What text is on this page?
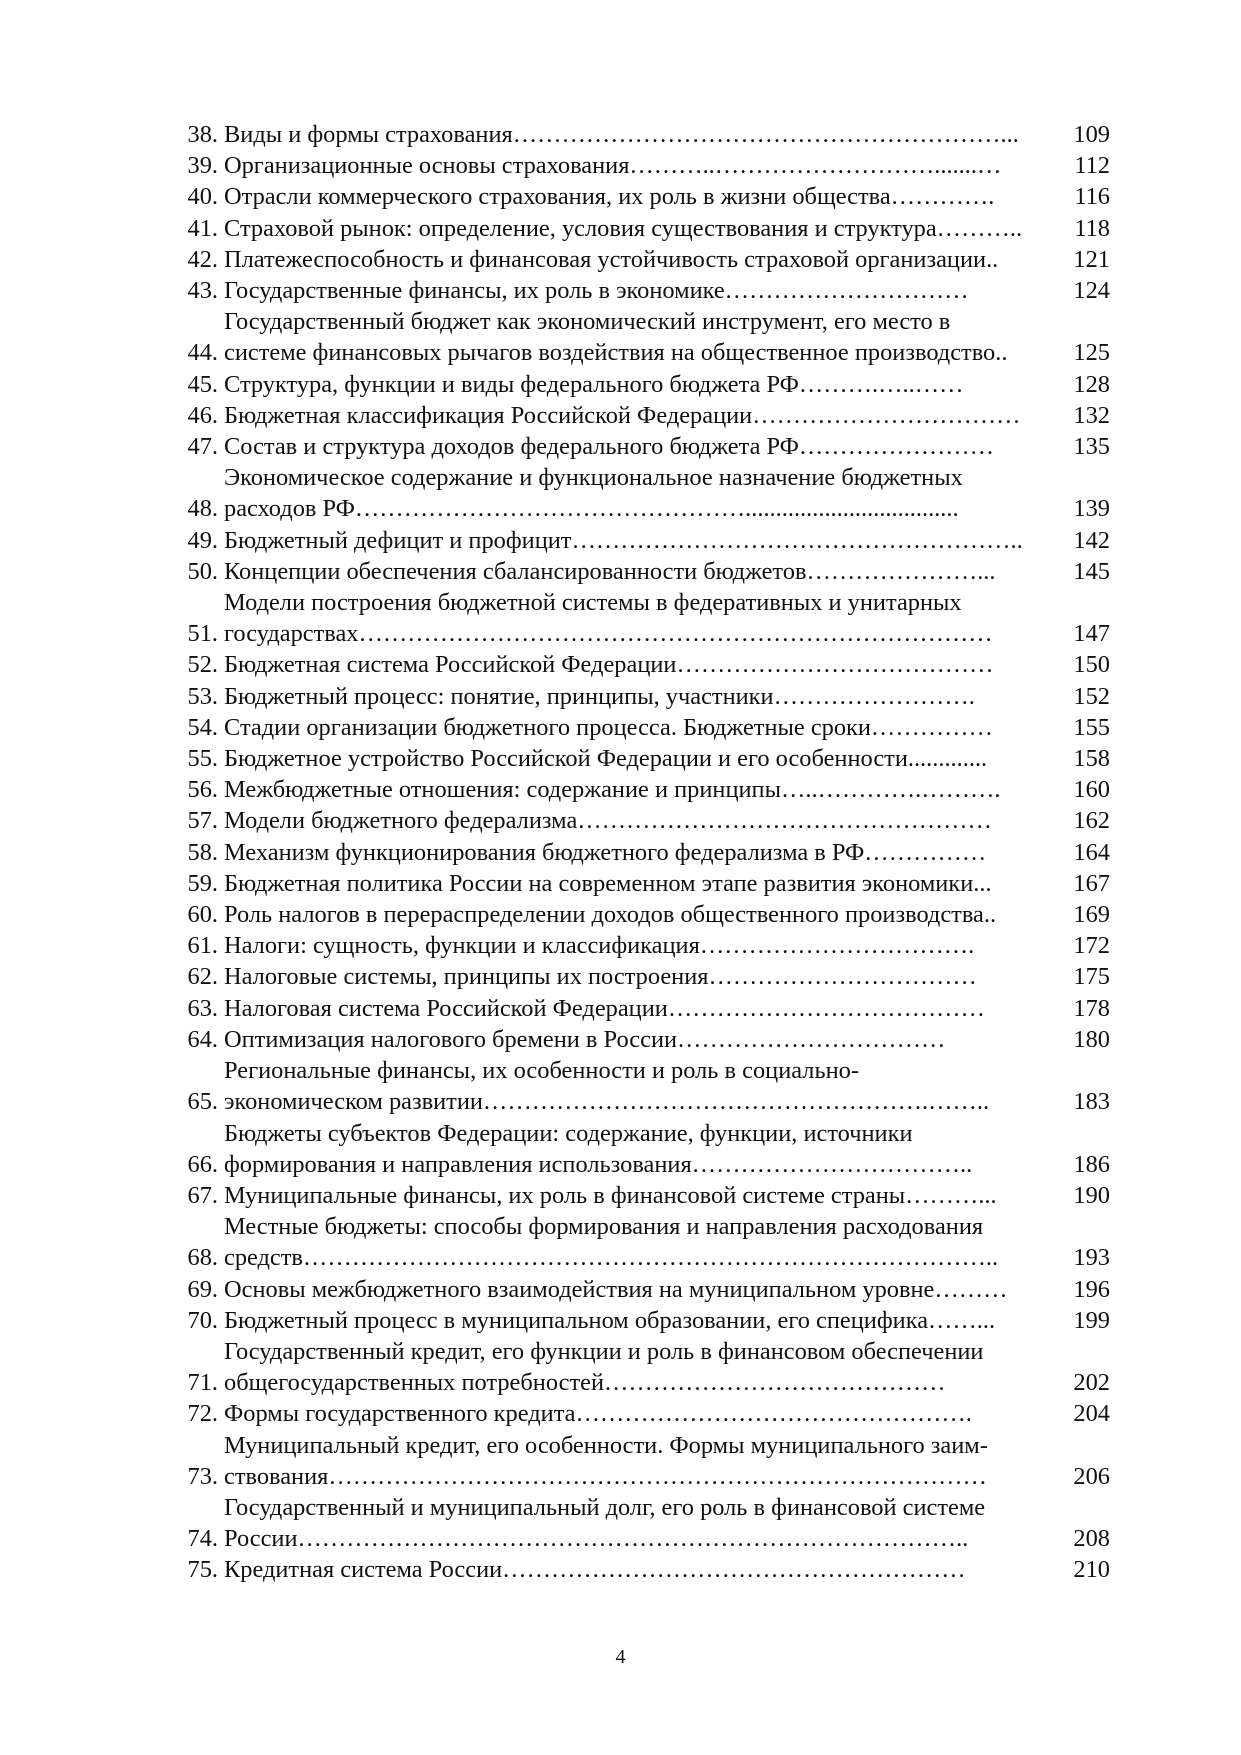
38. Виды и формы страхования……………………………………………………...	109
39. Организационные основы страхования………..……………………….......…	112
40. Отрасли коммерческого страхования, их роль в жизни общества………….	116
41. Страховой рынок: определение, условия существования и структура………..	118
42. Платежеспособность и финансовая устойчивость страховой организации..	121
43. Государственные финансы, их роль в экономике…………………………	124
44.
Государственный бюджет как экономический инструмент, его место в
системе финансовых рычагов воздействия на общественное производство..	125
45. Структура, функции и виды федерального бюджета РФ……….…..……	128
46. Бюджетная классификация Российской Федерации……………………………	132
47. Состав и структура доходов федерального бюджета РФ……………………	135
48.
Экономическое содержание и функциональное назначение бюджетных
расходов РФ…………………………………………...................................	139
49. Бюджетный дефицит и профицит………………………………………………..	142
50. Концепции обеспечения сбалансированности бюджетов…………………...	145
51.
Модели построения бюджетной системы в федеративных и унитарных
государствах……………………………………………………………………	147
52. Бюджетная система Российской Федерации…………………………………	150
53. Бюджетный процесс: понятие, принципы, участники…………………….	152
54. Стадии организации бюджетного процесса. Бюджетные сроки……………	155
55. Бюджетное устройство Российской Федерации и его особенности.............	158
56. Межбюджетные отношения: содержание и принципы…..………….……….	160
57. Модели бюджетного федерализма……………………………………………	162
58. Механизм функционирования бюджетного федерализма в РФ……………	164
59. Бюджетная политика России на современном этапе развития экономики...	167
60. Роль налогов в перераспределении доходов общественного производства..	169
61. Налоги: сущность, функции и классификация…………………………….	172
62. Налоговые системы, принципы их построения……………………………	175
63. Налоговая система Российской Федерации…………………………………	178
64. Оптимизация налогового бремени в России……………………………	180
65.
Региональные финансы, их особенности и роль в социально-
экономическом развитии……………………………………………….……..	183
66.
Бюджеты субъектов Федерации: содержание, функции, источники
формирования и направления использования……………………………..	186
67. Муниципальные финансы, их роль в финансовой системе страны………...	190
68.
Местные бюджеты: способы формирования и направления расходования
средств…………………………………………………………………………..	193
69. Основы межбюджетного взаимодействия на муниципальном уровне………	196
70. Бюджетный процесс в муниципальном образовании, его специфика……...	199
71.
Государственный кредит, его функции и роль в финансовом обеспечении
общегосударственных потребностей……………………………………	202
72. Формы государственного кредита………………………………………….	204
73.
Муниципальный кредит, его особенности. Формы муниципального заим-
ствования………………………………………………………………………	206
74.
Государственный и муниципальный долг, его роль в финансовой системе
России………………………………………………………………………..	208
75. Кредитная система России…………………………………………………	210
4
